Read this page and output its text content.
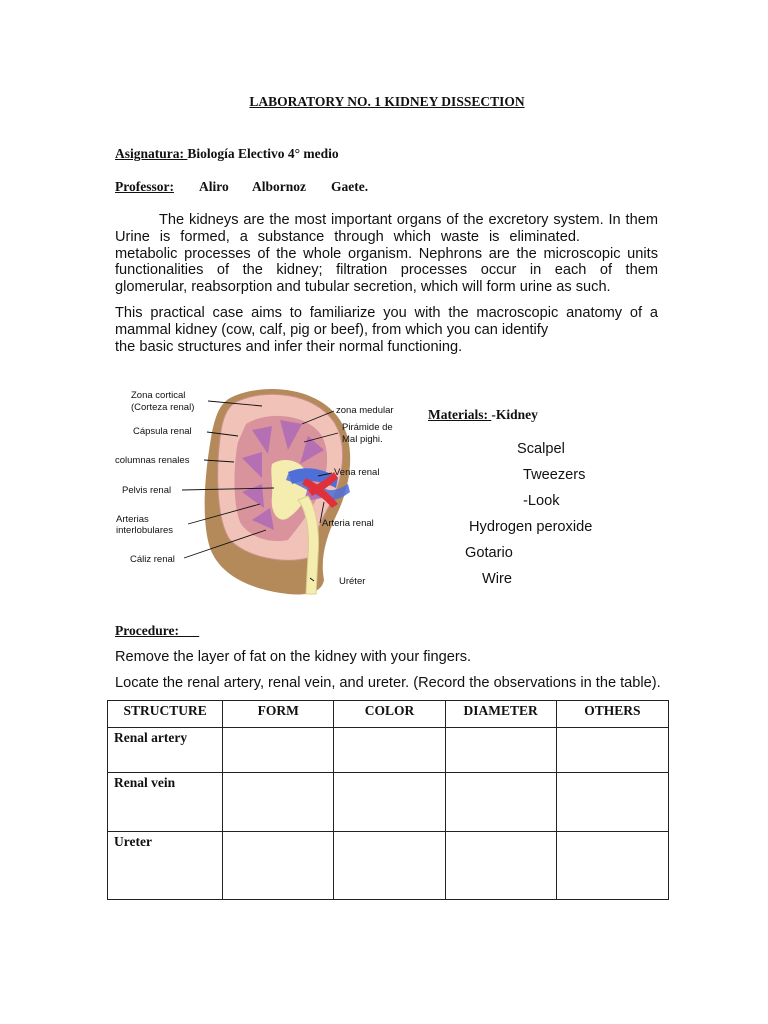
LABORATORY NO. 1 KIDNEY DISSECTION
Asignatura: Biología Electivo 4° medio
Professor: Aliro Albornoz Gaete.

The kidneys are the most important organs of the excretory system. In them
Urine is formed, a substance through which waste is eliminated.
metabolic processes of the whole organism. Nephrons are the microscopic units
functionalities of the kidney; filtration processes occur in each of them
glomerular, reabsorption and tubular secretion, which will form urine as such.

This practical case aims to familiarize you with the macroscopic anatomy of a
mammal kidney (cow, calf, pig or beef), from which you can identify
the basic structures and infer their normal functioning.

Zona cortical
(Corteza renal)
Cápsula renal
columnas renales
Pelvis renal
Arterias
interlobulares
Cáliz renal
zona medular
Pirámide de
Mal pighi.
Vena renal
Arteria renal
Uréter
Materials: -Kidney
Scalpel
Tweezers
-Look
Hydrogen peroxide
Gotario
Wire
Procedure:
Remove the layer of fat on the kidney with your fingers.
Locate the renal artery, renal vein, and ureter. (Record the observations in the table).
STRUCTURE	FORM	COLOR	DIAMETER	OTHERS
Renal artery				
Renal vein				
Ureter				
